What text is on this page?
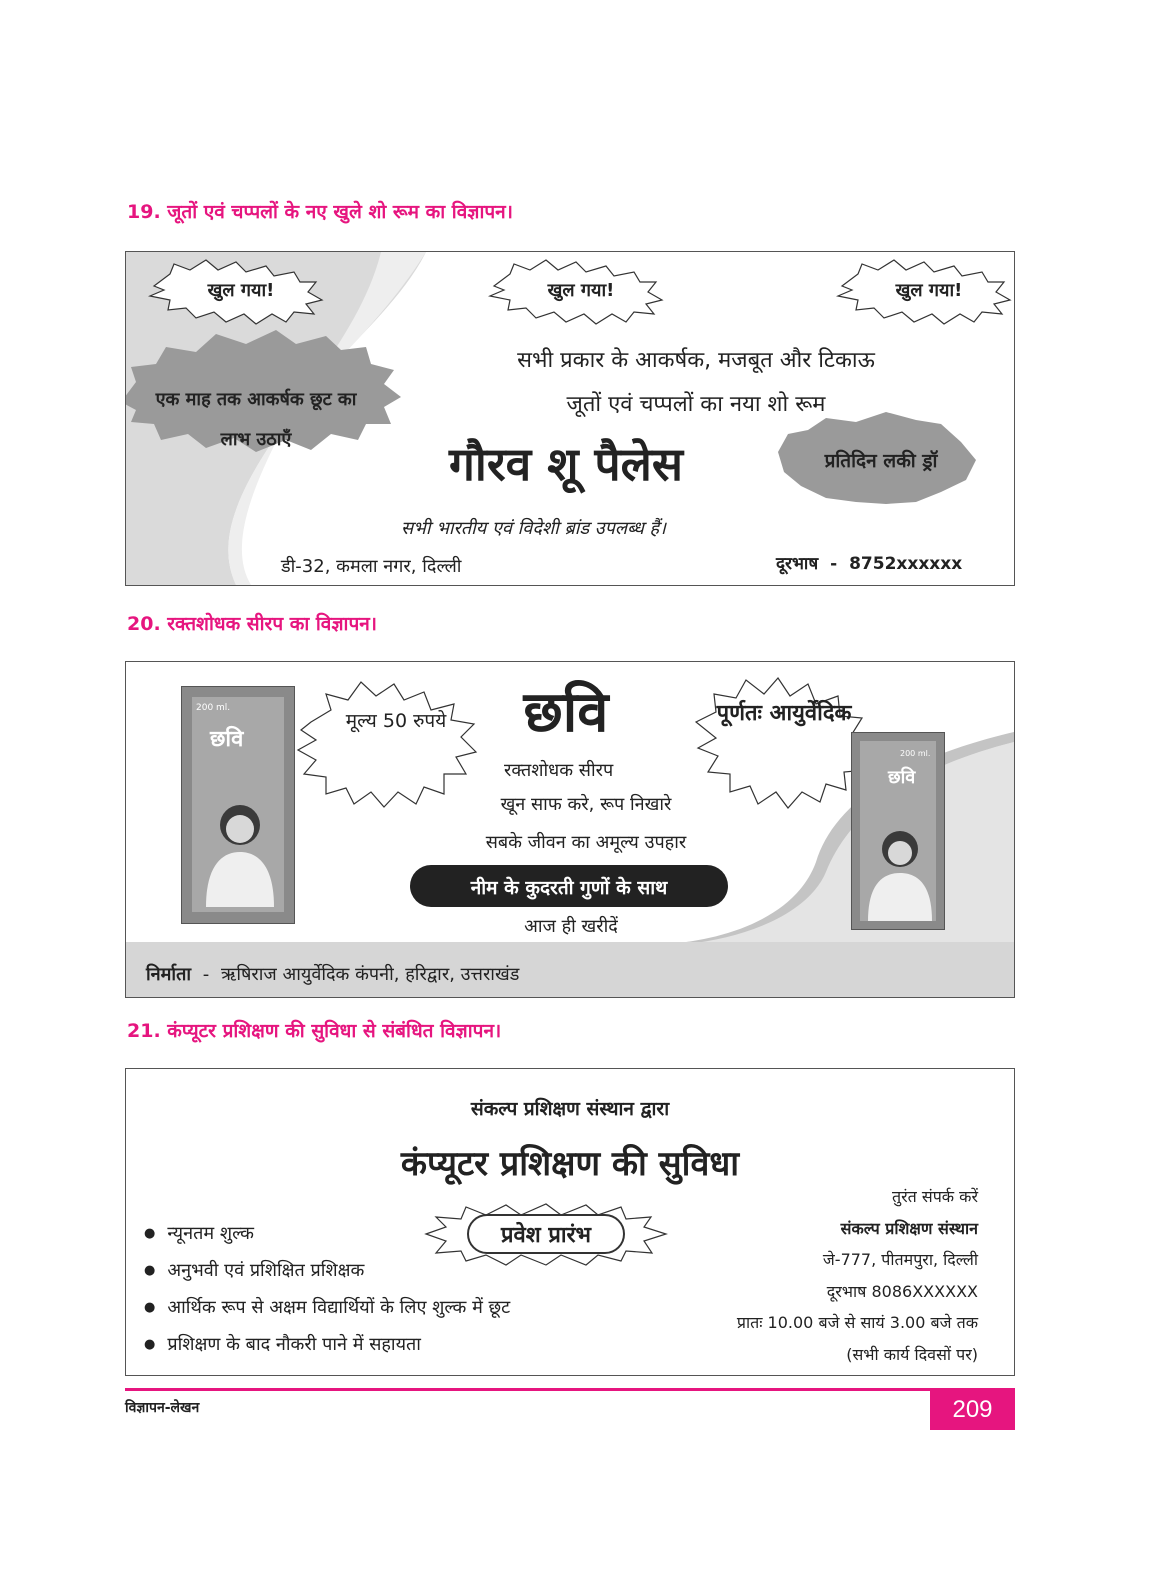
19. जूतों एवं चप्पलों के नए खुले शो रूम का विज्ञापन।
खुल गया!	खुल गया!	खुल गया!
एक माह तक आकर्षक छूट का लाभ उठाएँ
सभी प्रकार के आकर्षक, मजबूत और टिकाऊ
जूतों एवं चप्पलों का नया शो रूम
गौरव शू पैलेस	प्रतिदिन लकी ड्रॉ
सभी भारतीय एवं विदेशी ब्रांड उपलब्ध हैं।
डी-32, कमला नगर, दिल्ली	दूरभाष - 8752xxxxxx
20. रक्तशोधक सीरप का विज्ञापन।
200 ml.
छवि
200 ml.
छवि
मूल्य 50 रुपये	छवि	पूर्णतः आयुर्वेदिक
रक्तशोधक सीरप
खून साफ करे, रूप निखारे
सबके जीवन का अमूल्य उपहार
नीम के कुदरती गुणों के साथ
आज ही खरीदें
निर्माता - ऋषिराज आयुर्वेदिक कंपनी, हरिद्वार, उत्तराखंड
21. कंप्यूटर प्रशिक्षण की सुविधा से संबंधित विज्ञापन।
संकल्प प्रशिक्षण संस्थान द्वारा
कंप्यूटर प्रशिक्षण की सुविधा
प्रवेश प्रारंभ
● न्यूनतम शुल्क
● अनुभवी एवं प्रशिक्षित प्रशिक्षक
● आर्थिक रूप से अक्षम विद्यार्थियों के लिए शुल्क में छूट
● प्रशिक्षण के बाद नौकरी पाने में सहायता
तुरंत संपर्क करें
संकल्प प्रशिक्षण संस्थान
जे-777, पीतमपुरा, दिल्ली
दूरभाष 8086XXXXXX
प्रातः 10.00 बजे से सायं 3.00 बजे तक
(सभी कार्य दिवसों पर)
विज्ञापन-लेखन	209
